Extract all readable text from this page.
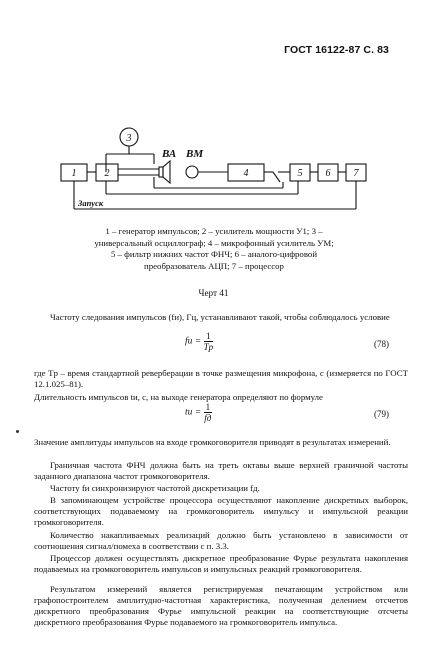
ГОСТ 16122-87 С. 83
3
1	2	4	5 6 7
ВА ВМ
Запуск
1 – генератор импульсов; 2 – усилитель мощности У1; 3 – универсальный осциллограф; 4 – микрофонный усилитель УМ; 5 – фильтр нижних частот ФНЧ; 6 – аналого-цифровой преобразователь АЦП; 7 – процессор
Черт 41
Частоту следования импульсов (fи), Гц, устанавливают такой, чтобы соблюдалось условие
fи = $\frac{1}{Tр}$	(78)
где Tр – время стандартной реверберации в точке размещения микрофона, с (измеряется по ГОСТ 12.1.025–81).
Длительность импульсов tи, с, на выходе генератора определяют по формуле
tи = $\frac{1}{fд}$	(79)
Значение амплитуды импульсов на входе громкоговорителя приводят в результатах измерений.
Граничная частота ФНЧ должна быть на треть октавы выше верхней граничной частоты заданного диапазона частот громкоговорителя.
Частоту fи синхронизируют частотой дискретизации fд.
В запоминающем устройстве процессора осуществляют накопление дискретных выборок, соответствующих подаваемому на громкоговоритель импульсу и импульсной реакции громкоговорителя.
Количество накапливаемых реализаций должно быть установлено в зависимости от соотношения сигнал/помеха в соответствии с п. 3.3.
Процессор должен осуществлять дискретное преобразование Фурье результата накопления подаваемых на громкоговоритель импульсов и импульсных реакций громкоговорителя.
Результатом измерений является регистрируемая печатающим устройством или графопостроителем амплитудно-частотная характеристика, полученная делением отсчетов дискретного преобразования Фурье импульсной реакции на соответствующие отсчеты дискретного преобразования Фурье подаваемого на громкоговоритель импульса.
